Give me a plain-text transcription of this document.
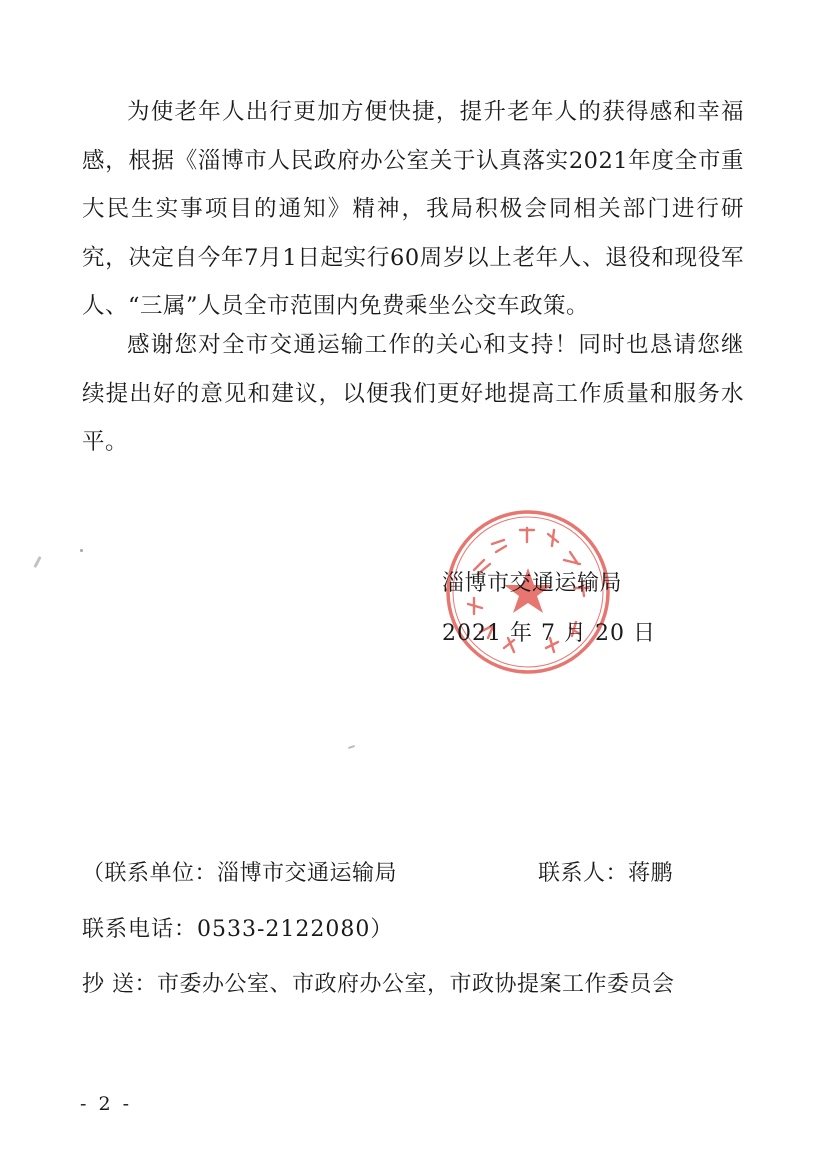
为使老年人出行更加方便快捷，提升老年人的获得感和幸福感，根据《淄博市人民政府办公室关于认真落实2021年度全市重大民生实事项目的通知》精神，我局积极会同相关部门进行研究，决定自今年7月1日起实行60周岁以上老年人、退役和现役军人、“三属”人员全市范围内免费乘坐公交车政策。

感谢您对全市交通运输工作的关心和支持！同时也恳请您继续提出好的意见和建议，以便我们更好地提高工作质量和服务水平。

淄博市交通运输局
2021 年 7 月 20 日
（联系单位：淄博市交通运输局	联系人：蒋鹏
联系电话：0533-2122080）
抄 送：市委办公室、市政府办公室，市政协提案工作委员会
- 2 -
